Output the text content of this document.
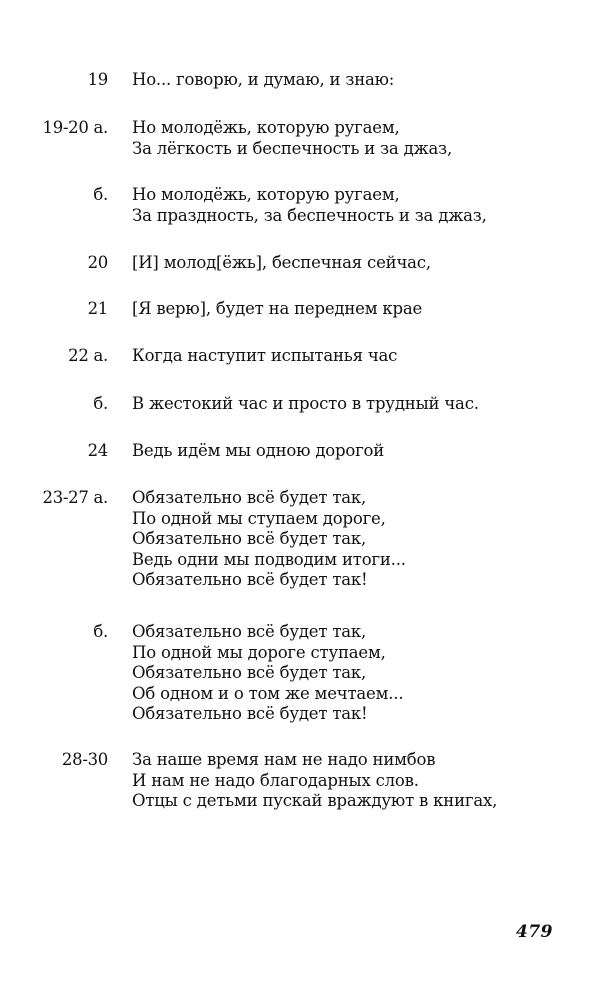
19 Но... говорю, и думаю, и знаю:
19-20 а. Но молодёжь, которую ругаем,
За лёгкость и беспечность и за джаз,
б. Но молодёжь, которую ругаем,
За праздность, за беспечность и за джаз,
20 [И] молод[ёжь], беспечная сейчас,
21 [Я верю], будет на переднем крае
22 а. Когда наступит испытанья час
б. В жестокий час и просто в трудный час.
24 Ведь идём мы одною дорогой
23-27 а. Обязательно всё будет так,
По одной мы ступаем дороге,
Обязательно всё будет так,
Ведь одни мы подводим итоги...
Обязательно всё будет так!
б. Обязательно всё будет так,
По одной мы дороге ступаем,
Обязательно всё будет так,
Об одном и о том же мечтаем...
Обязательно всё будет так!
28-30 За наше время нам не надо нимбов
И нам не надо благодарных слов.
Отцы с детьми пускай враждуют в книгах,
479
